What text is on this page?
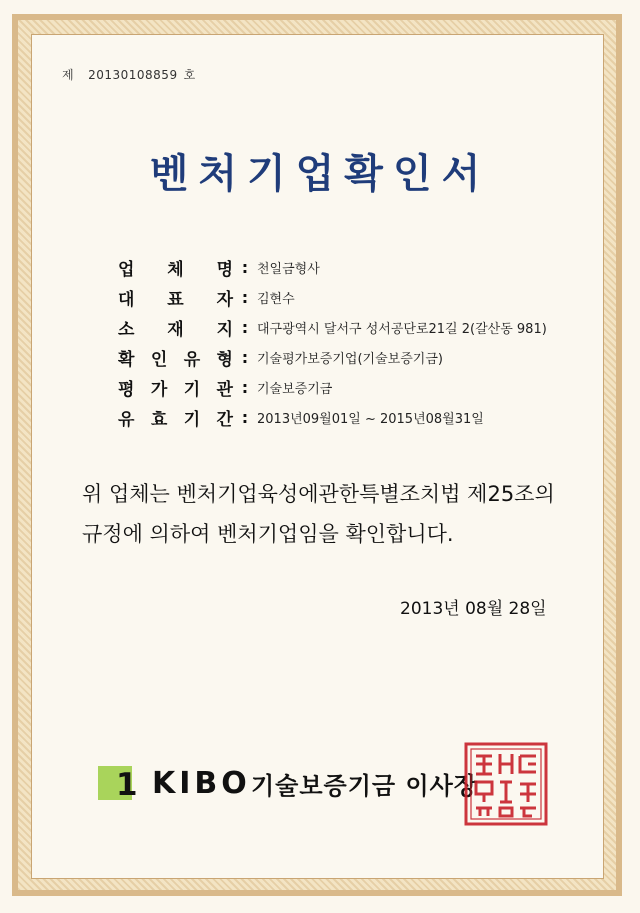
제 20130108859 호
벤처기업확인서
업 체 명 : 천일금형사
대 표 자 : 김현수
소 재 지 : 대구광역시 달서구 성서공단로21길 2(갈산동 981)
확 인 유 형 : 기술평가보증기업(기술보증기금)
평 가 기 관 : 기술보증기금
유 효 기 간 : 2013년09월01일 ~ 2015년08월31일
위 업체는 벤처기업육성에관한특별조치법 제25조의
규정에 의하여 벤처기업임을 확인합니다.
2013년 08월 28일
1 KIBO 기술보증기금 이사장
